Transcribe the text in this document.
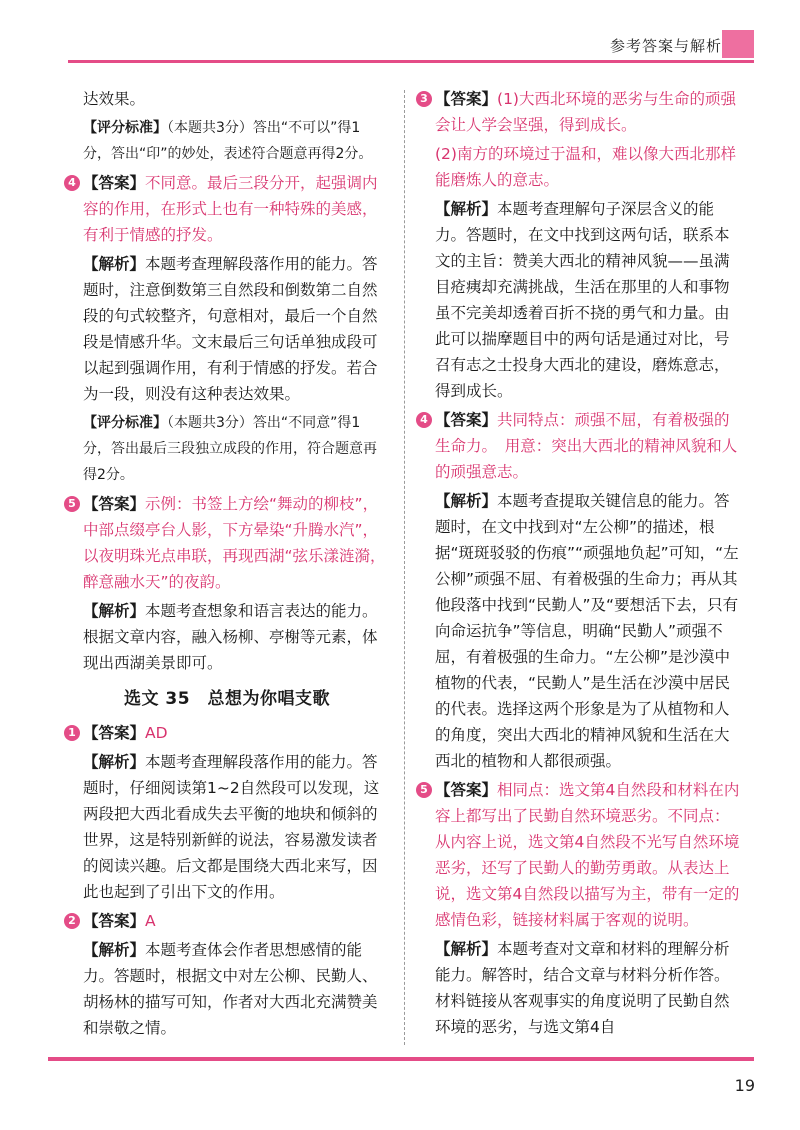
参考答案与解析

达效果。

【评分标准】（本题共3分）答出“不可以”得1分，答出“印”的妙处，表述符合题意再得2分。

4 【答案】不同意。最后三段分开，起强调内容的作用，在形式上也有一种特殊的美感，有利于情感的抒发。

【解析】本题考查理解段落作用的能力。答题时，注意倒数第三自然段和倒数第二自然段的句式较整齐，句意相对，最后一个自然段是情感升华。文末最后三句话单独成段可以起到强调作用，有利于情感的抒发。若合为一段，则没有这种表达效果。

【评分标准】（本题共3分）答出“不同意”得1分，答出最后三段独立成段的作用，符合题意再得2分。

5 【答案】示例：书签上方绘“舞动的柳枝”，中部点缀亭台人影，下方晕染“升腾水汽”，以夜明珠光点串联，再现西湖“弦乐漾涟漪，醉意融水天”的夜韵。

【解析】本题考查想象和语言表达的能力。根据文章内容，融入杨柳、亭榭等元素，体现出西湖美景即可。

选文 35　总想为你唱支歌
1 【答案】AD

【解析】本题考查理解段落作用的能力。答题时，仔细阅读第1~2自然段可以发现，这两段把大西北看成失去平衡的地块和倾斜的世界，这是特别新鲜的说法，容易激发读者的阅读兴趣。后文都是围绕大西北来写，因此也起到了引出下文的作用。

2 【答案】A

【解析】本题考查体会作者思想感情的能力。答题时，根据文中对左公柳、民勤人、胡杨林的描写可知，作者对大西北充满赞美和崇敬之情。

3 【答案】(1)大西北环境的恶劣与生命的顽强会让人学会坚强，得到成长。

(2)南方的环境过于温和，难以像大西北那样能磨炼人的意志。

【解析】本题考查理解句子深层含义的能力。答题时，在文中找到这两句话，联系本文的主旨：赞美大西北的精神风貌——虽满目疮痍却充满挑战，生活在那里的人和事物虽不完美却透着百折不挠的勇气和力量。由此可以揣摩题目中的两句话是通过对比，号召有志之士投身大西北的建设，磨炼意志，得到成长。

4 【答案】共同特点：顽强不屈，有着极强的生命力。　用意：突出大西北的精神风貌和人的顽强意志。

【解析】本题考查提取关键信息的能力。答题时，在文中找到对“左公柳”的描述，根据“斑斑驳驳的伤痕”“顽强地负起”可知，“左公柳”顽强不屈、有着极强的生命力；再从其他段落中找到“民勤人”及“要想活下去，只有向命运抗争”等信息，明确“民勤人”顽强不屈，有着极强的生命力。“左公柳”是沙漠中植物的代表，“民勤人”是生活在沙漠中居民的代表。选择这两个形象是为了从植物和人的角度，突出大西北的精神风貌和生活在大西北的植物和人都很顽强。

5 【答案】相同点：选文第4自然段和材料在内容上都写出了民勤自然环境恶劣。不同点：从内容上说，选文第4自然段不光写自然环境恶劣，还写了民勤人的勤劳勇敢。从表达上说，选文第4自然段以描写为主，带有一定的感情色彩，链接材料属于客观的说明。

【解析】本题考查对文章和材料的理解分析能力。解答时，结合文章与材料分析作答。材料链接从客观事实的角度说明了民勤自然环境的恶劣，与选文第4自

19
